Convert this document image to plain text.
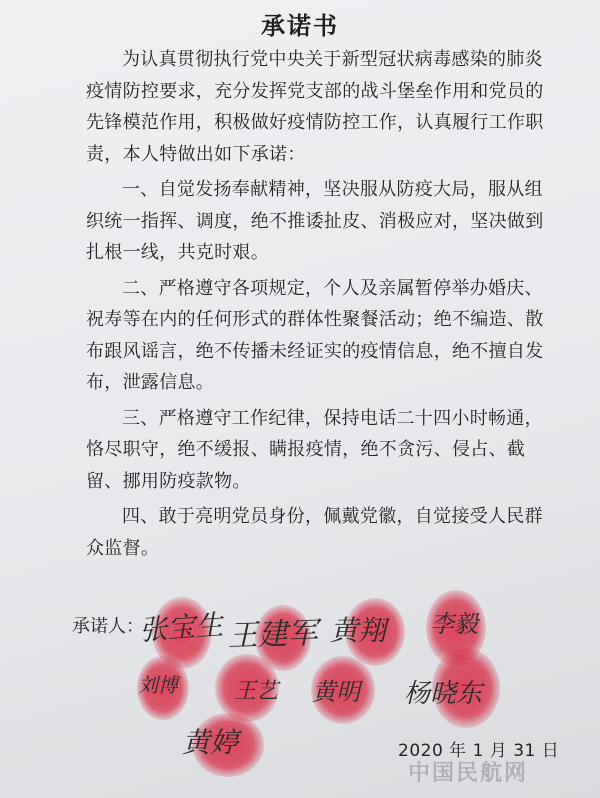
承诺书

为认真贯彻执行党中央关于新型冠状病毒感染的肺炎疫情防控要求，充分发挥党支部的战斗堡垒作用和党员的先锋模范作用，积极做好疫情防控工作，认真履行工作职责，本人特做出如下承诺：

一、自觉发扬奉献精神，坚决服从防疫大局，服从组织统一指挥、调度，绝不推诿扯皮、消极应对，坚决做到扎根一线，共克时艰。

二、严格遵守各项规定，个人及亲属暂停举办婚庆、祝寿等在内的任何形式的群体性聚餐活动；绝不编造、散布跟风谣言，绝不传播未经证实的疫情信息，绝不擅自发布，泄露信息。

三、严格遵守工作纪律，保持电话二十四小时畅通，恪尽职守，绝不缓报、瞒报疫情，绝不贪污、侵占、截留、挪用防疫款物。

四、敢于亮明党员身份，佩戴党徽，自觉接受人民群众监督。

承诺人：
张宝生 王建军 黄翔 李毅
刘博	王艺 黄明 杨晓东
黄婷	2020 年 1 月 31 日
中国民航网
